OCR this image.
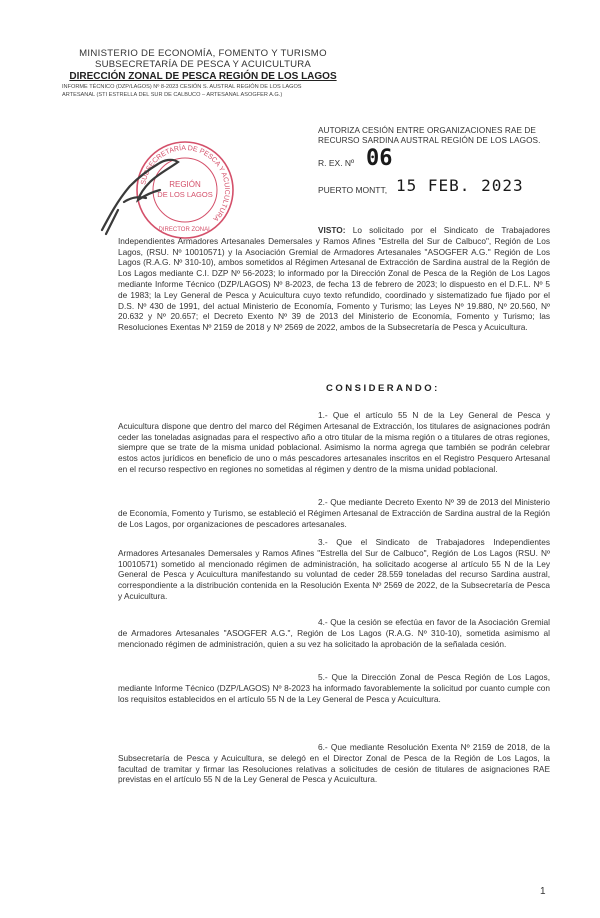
MINISTERIO DE ECONOMÍA, FOMENTO Y TURISMO
SUBSECRETARÍA DE PESCA Y ACUICULTURA
DIRECCIÓN ZONAL DE PESCA REGIÓN DE LOS LAGOS
INFORME TÉCNICO (DZP/LAGOS) Nº 8-2023 CESIÓN S. AUSTRAL REGIÓN DE LOS LAGOS
ARTESANAL (STI ESTRELLA DEL SUR DE CALBUCO – ARTESANAL ASOGFER A.G.)
SUBSECRETARÍA DE PESCA Y ACUICULTURA
REGIÓN
DE LOS LAGOS
DIRECTOR ZONAL
AUTORIZA CESIÓN ENTRE ORGANIZACIONES RAE DE RECURSO SARDINA AUSTRAL REGIÓN DE LOS LAGOS.
R. EX. Nº 06
PUERTO MONTT, 15 FEB. 2023
VISTO: Lo solicitado por el Sindicato de Trabajadores Independientes Armadores Artesanales Demersales y Ramos Afines "Estrella del Sur de Calbuco", Región de Los Lagos, (RSU. Nº 10010571) y la Asociación Gremial de Armadores Artesanales "ASOGFER A.G." Región de Los Lagos (R.A.G. Nº 310-10), ambos sometidos al Régimen Artesanal de Extracción de Sardina austral de la Región de Los Lagos mediante C.I. DZP Nº 56-2023; lo informado por la Dirección Zonal de Pesca de la Región de Los Lagos mediante Informe Técnico (DZP/LAGOS) Nº 8-2023, de fecha 13 de febrero de 2023; lo dispuesto en el D.F.L. Nº 5 de 1983; la Ley General de Pesca y Acuicultura cuyo texto refundido, coordinado y sistematizado fue fijado por el D.S. Nº 430 de 1991, del actual Ministerio de Economía, Fomento y Turismo; las Leyes Nº 19.880, Nº 20.560, Nº 20.632 y Nº 20.657; el Decreto Exento Nº 39 de 2013 del Ministerio de Economía, Fomento y Turismo; las Resoluciones Exentas Nº 2159 de 2018 y Nº 2569 de 2022, ambos de la Subsecretaría de Pesca y Acuicultura.
CONSIDERANDO:
1.- Que el artículo 55 N de la Ley General de Pesca y Acuicultura dispone que dentro del marco del Régimen Artesanal de Extracción, los titulares de asignaciones podrán ceder las toneladas asignadas para el respectivo año a otro titular de la misma región o a titulares de otras regiones, siempre que se trate de la misma unidad poblacional. Asimismo la norma agrega que también se podrán celebrar estos actos jurídicos en beneficio de uno o más pescadores artesanales inscritos en el Registro Pesquero Artesanal en el recurso respectivo en regiones no sometidas al régimen y dentro de la misma unidad poblacional.
2.- Que mediante Decreto Exento Nº 39 de 2013 del Ministerio de Economía, Fomento y Turismo, se estableció el Régimen Artesanal de Extracción de Sardina austral de la Región de Los Lagos, por organizaciones de pescadores artesanales.
3.- Que el Sindicato de Trabajadores Independientes Armadores Artesanales Demersales y Ramos Afines "Estrella del Sur de Calbuco", Región de Los Lagos (RSU. Nº 10010571) sometido al mencionado régimen de administración, ha solicitado acogerse al artículo 55 N de la Ley General de Pesca y Acuicultura manifestando su voluntad de ceder 28.559 toneladas del recurso Sardina austral, correspondiente a la distribución contenida en la Resolución Exenta Nº 2569 de 2022, de la Subsecretaría de Pesca y Acuicultura.
4.- Que la cesión se efectúa en favor de la Asociación Gremial de Armadores Artesanales "ASOGFER A.G.", Región de Los Lagos (R.A.G. Nº 310-10), sometida asimismo al mencionado régimen de administración, quien a su vez ha solicitado la aprobación de la señalada cesión.
5.- Que la Dirección Zonal de Pesca Región de Los Lagos, mediante Informe Técnico (DZP/LAGOS) Nº 8-2023 ha informado favorablemente la solicitud por cuanto cumple con los requisitos establecidos en el artículo 55 N de la Ley General de Pesca y Acuicultura.
6.- Que mediante Resolución Exenta Nº 2159 de 2018, de la Subsecretaría de Pesca y Acuicultura, se delegó en el Director Zonal de Pesca de la Región de Los Lagos, la facultad de tramitar y firmar las Resoluciones relativas a solicitudes de cesión de titulares de asignaciones RAE previstas en el artículo 55 N de la Ley General de Pesca y Acuicultura.
1
